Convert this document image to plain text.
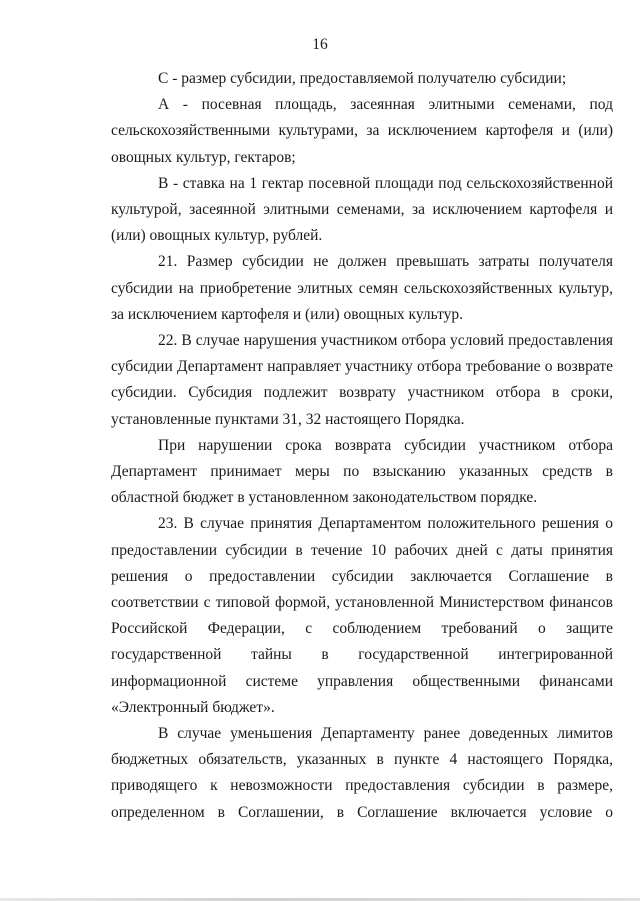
16

С - размер субсидии, предоставляемой получателю субсидии;

А - посевная площадь, засеянная элитными семенами, под сельскохозяйственными культурами, за исключением картофеля и (или) овощных культур, гектаров;

В - ставка на 1 гектар посевной площади под сельскохозяйственной культурой, засеянной элитными семенами, за исключением картофеля и (или) овощных культур, рублей.

21. Размер субсидии не должен превышать затраты получателя субсидии на приобретение элитных семян сельскохозяйственных культур, за исключением картофеля и (или) овощных культур.

22. В случае нарушения участником отбора условий предоставления субсидии Департамент направляет участнику отбора требование о возврате субсидии. Субсидия подлежит возврату участником отбора в сроки, установленные пунктами 31, 32 настоящего Порядка.

При нарушении срока возврата субсидии участником отбора Департамент принимает меры по взысканию указанных средств в областной бюджет в установленном законодательством порядке.

23. В случае принятия Департаментом положительного решения о предоставлении субсидии в течение 10 рабочих дней с даты принятия решения о предоставлении субсидии заключается Соглашение в соответствии с типовой формой, установленной Министерством финансов Российской Федерации, с соблюдением требований о защите государственной тайны в государственной интегрированной информационной системе управления общественными финансами «Электронный бюджет».

В случае уменьшения Департаменту ранее доведенных лимитов бюджетных обязательств, указанных в пункте 4 настоящего Порядка, приводящего к невозможности предоставления субсидии в размере, определенном в Соглашении, в Соглашение включается условие о
